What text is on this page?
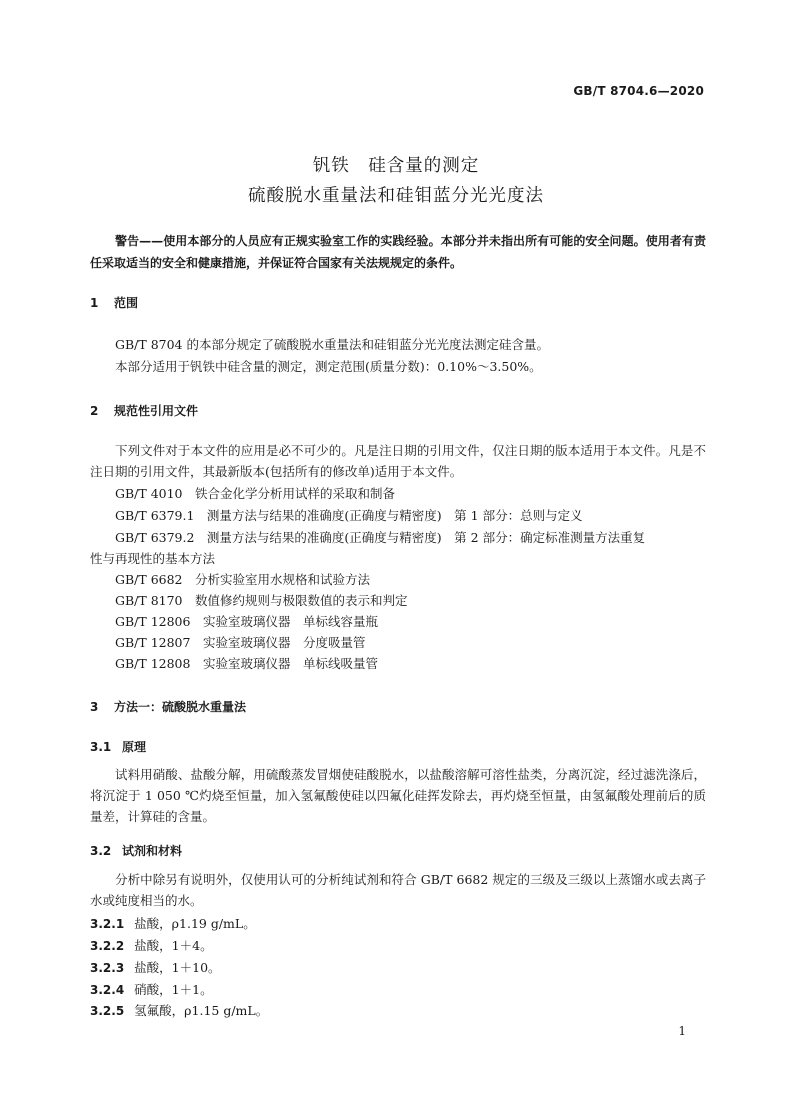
GB/T 8704.6—2020
钒铁　硅含量的测定
硫酸脱水重量法和硅钼蓝分光光度法
警告——使用本部分的人员应有正规实验室工作的实践经验。本部分并未指出所有可能的安全问题。使用者有责任采取适当的安全和健康措施，并保证符合国家有关法规规定的条件。
1 范围
GB/T 8704 的本部分规定了硫酸脱水重量法和硅钼蓝分光光度法测定硅含量。
本部分适用于钒铁中硅含量的测定，测定范围(质量分数)：0.10%～3.50%。
2 规范性引用文件
下列文件对于本文件的应用是必不可少的。凡是注日期的引用文件，仅注日期的版本适用于本文件。凡是不注日期的引用文件，其最新版本(包括所有的修改单)适用于本文件。
GB/T 4010　铁合金化学分析用试样的采取和制备
GB/T 6379.1　测量方法与结果的准确度(正确度与精密度)　第 1 部分：总则与定义
GB/T 6379.2　测量方法与结果的准确度(正确度与精密度)　第 2 部分：确定标准测量方法重复
性与再现性的基本方法
GB/T 6682　分析实验室用水规格和试验方法
GB/T 8170　数值修约规则与极限数值的表示和判定
GB/T 12806　实验室玻璃仪器　单标线容量瓶
GB/T 12807　实验室玻璃仪器　分度吸量管
GB/T 12808　实验室玻璃仪器　单标线吸量管
3 方法一：硫酸脱水重量法
3.1 原理
试料用硝酸、盐酸分解，用硫酸蒸发冒烟使硅酸脱水，以盐酸溶解可溶性盐类，分离沉淀，经过滤洗涤后，将沉淀于 1 050 ℃灼烧至恒量，加入氢氟酸使硅以四氟化硅挥发除去，再灼烧至恒量，由氢氟酸处理前后的质量差，计算硅的含量。
3.2 试剂和材料
分析中除另有说明外，仅使用认可的分析纯试剂和符合 GB/T 6682 规定的三级及三级以上蒸馏水或去离子水或纯度相当的水。
3.2.1 盐酸，ρ1.19 g/mL。
3.2.2 盐酸，1＋4。
3.2.3 盐酸，1＋10。
3.2.4 硝酸，1＋1。
3.2.5 氢氟酸，ρ1.15 g/mL。
1
